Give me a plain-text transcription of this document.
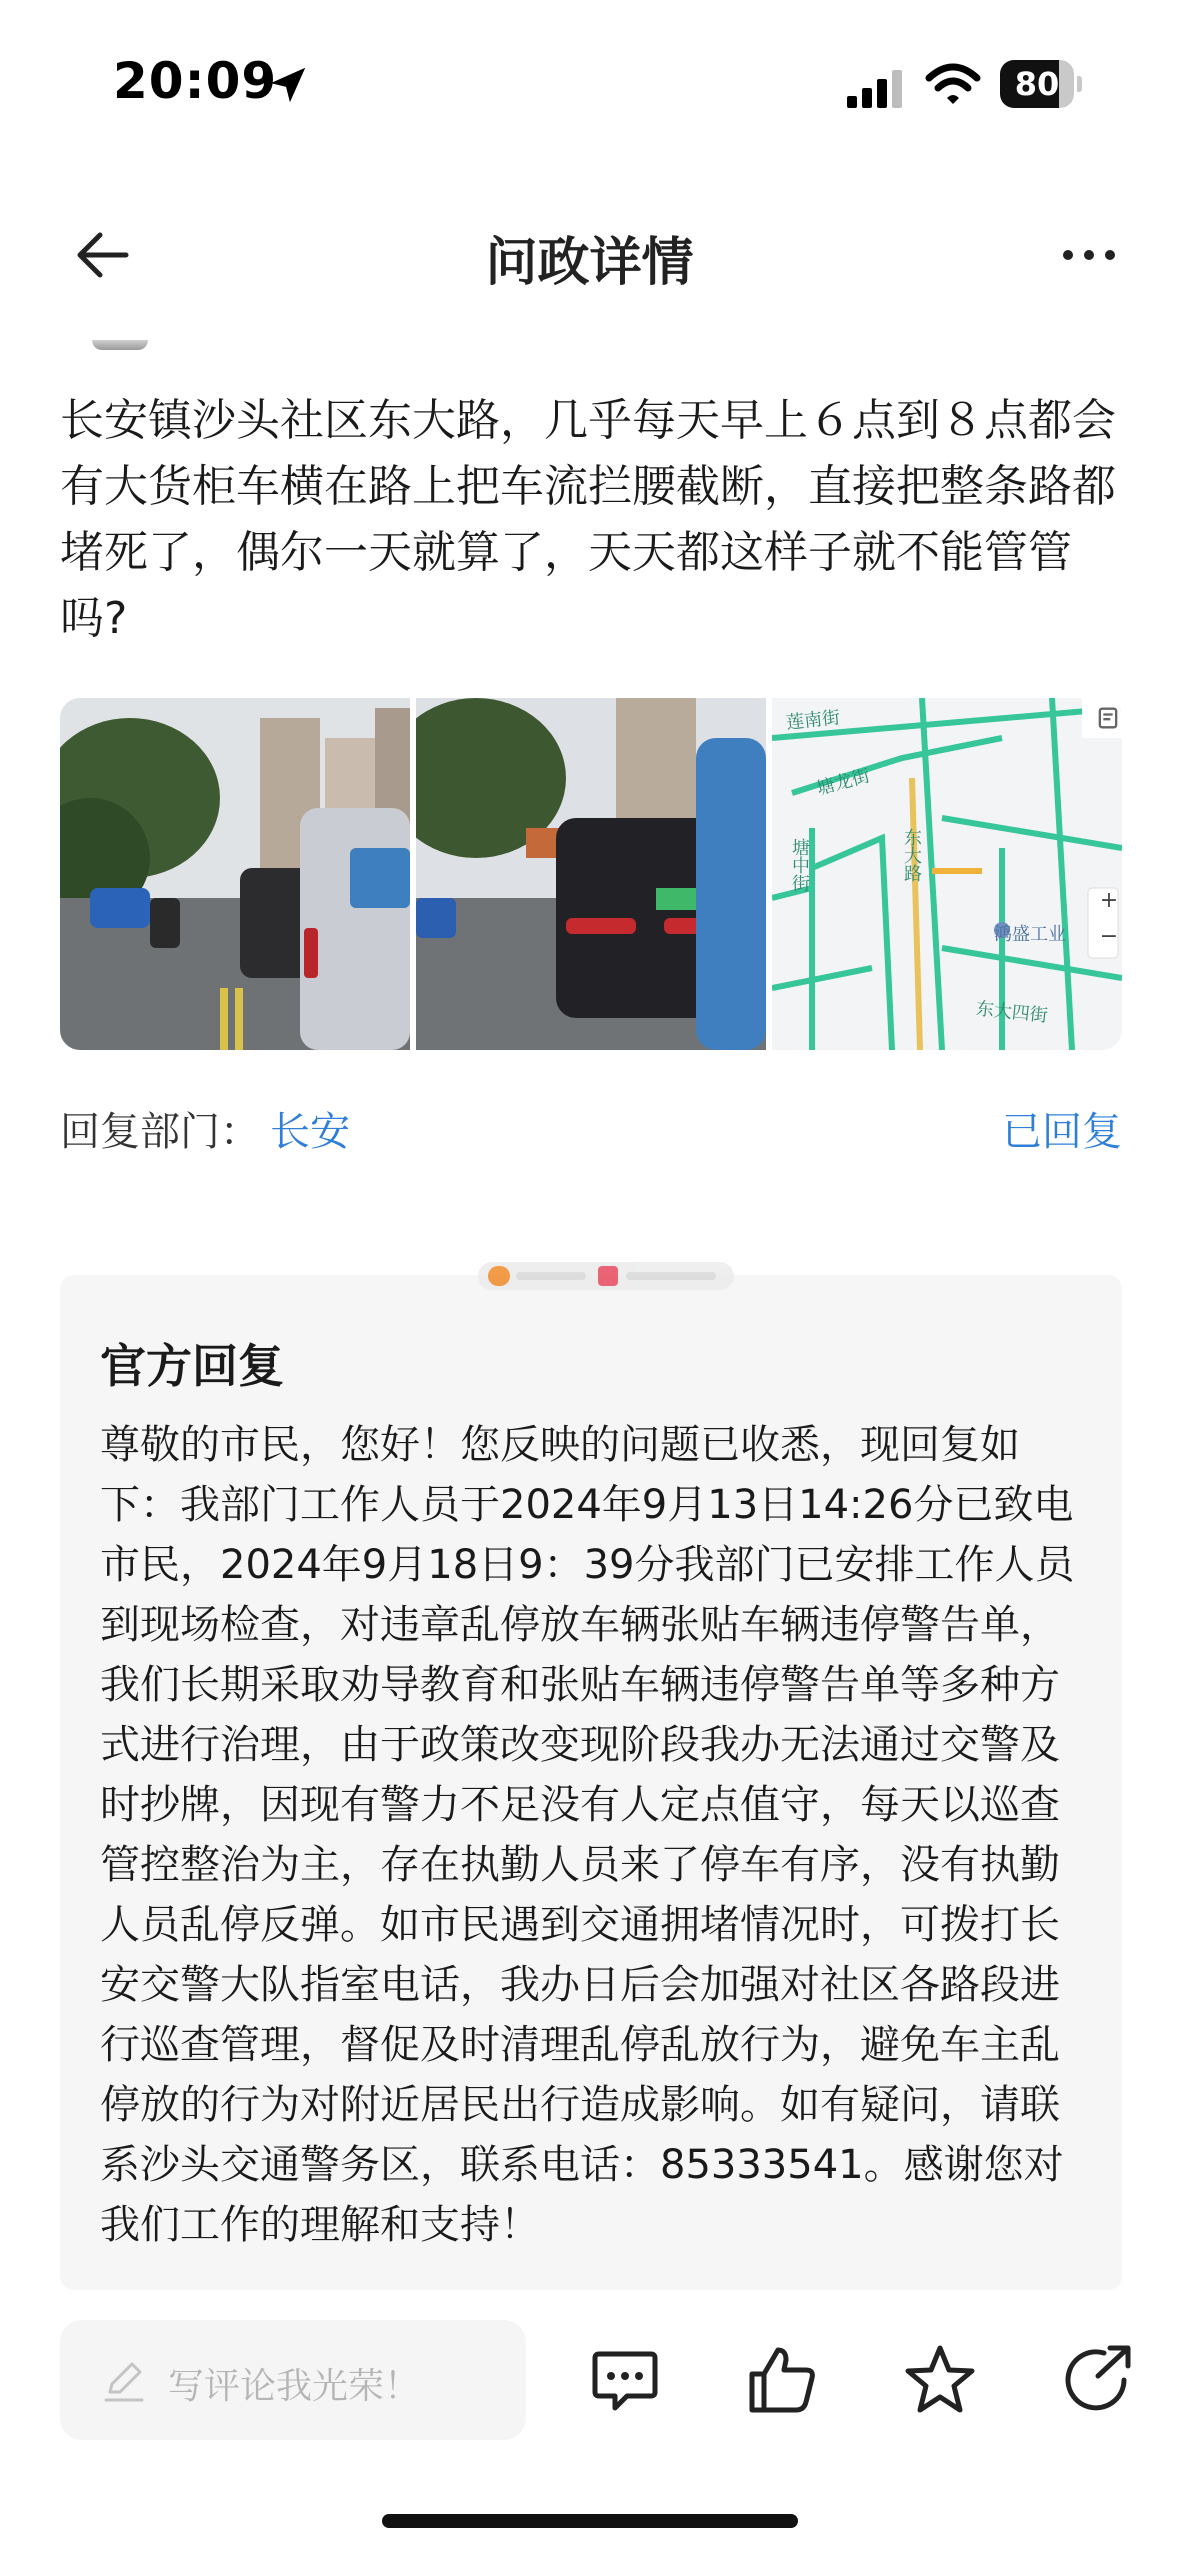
20:09	80
问政详情
长安镇沙头社区东大路，几乎每天早上６点到８点都会有大货柜车横在路上把车流拦腰截断，直接把整条路都堵死了，偶尔一天就算了，天天都这样子就不能管管吗?
莲南街
塘龙街
塘中街	东大路
鸿盛工业
东大四街
+
−
回复部门： 长安	已回复
官方回复
尊敬的市民，您好！您反映的问题已收悉，现回复如下：我部门工作人员于2024年9月13日14:26分已致电市民，2024年9月18日9：39分我部门已安排工作人员到现场检查，对违章乱停放车辆张贴车辆违停警告单，我们长期采取劝导教育和张贴车辆违停警告单等多种方式进行治理，由于政策改变现阶段我办无法通过交警及时抄牌，因现有警力不足没有人定点值守，每天以巡查管控整治为主，存在执勤人员来了停车有序，没有执勤人员乱停反弹。如市民遇到交通拥堵情况时，可拨打长安交警大队指室电话，我办日后会加强对社区各路段进行巡查管理，督促及时清理乱停乱放行为，避免车主乱停放的行为对附近居民出行造成影响。如有疑问，请联系沙头交通警务区，联系电话：85333541。感谢您对我们工作的理解和支持！
写评论我光荣！
